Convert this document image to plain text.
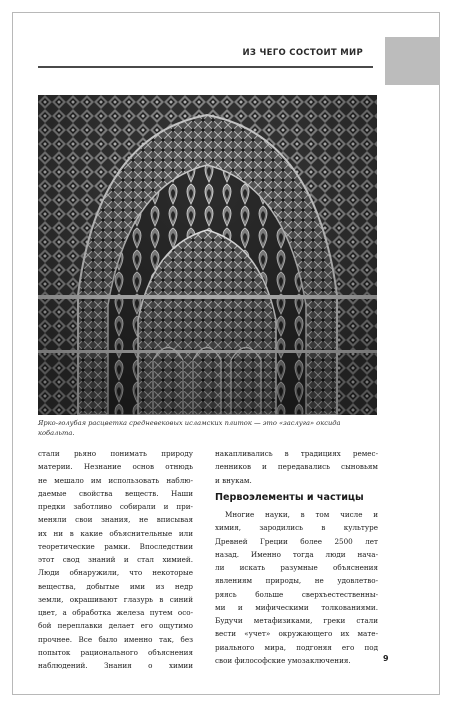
ИЗ ЧЕГО СОСТОИТ МИР
Ярко-голубая расцветка средневековых исламских плиток — это «заслуга» оксида кобальта.
стали рьяно понимать природу
материи. Незнание основ отнюдь
не мешало им использовать наблю-
даемые свойства веществ. Наши
предки заботливо собирали и при-
меняли свои знания, не вписывая
их ни в какие объяснительные или
теоретические рамки. Впоследствии
этот свод знаний и стал химией.
Люди обнаружили, что некоторые
вещества, добытые ими из недр
земли, окрашивают глазурь в синий
цвет, а обработка железа путем осо-
бой переплавки делает его ощутимо
прочнее. Все было именно так, без
попыток рационального объяснения
наблюдений. Знания о химии
накапливались в традициях ремес-
ленников и передавались сыновьям
и внукам.
Первоэлементы и частицы
Многие науки, в том числе и
химия, зародились в культуре
Древней Греции более 2500 лет
назад. Именно тогда люди нача-
ли искать разумные объяснения
явлениям природы, не удовлетво-
ряясь больше сверхъестественны-
ми и мифическими толкованиями.
Будучи метафизиками, греки стали
вести «учет» окружающего их мате-
риального мира, подгоняя его под
свои философские умозаключения.	9
